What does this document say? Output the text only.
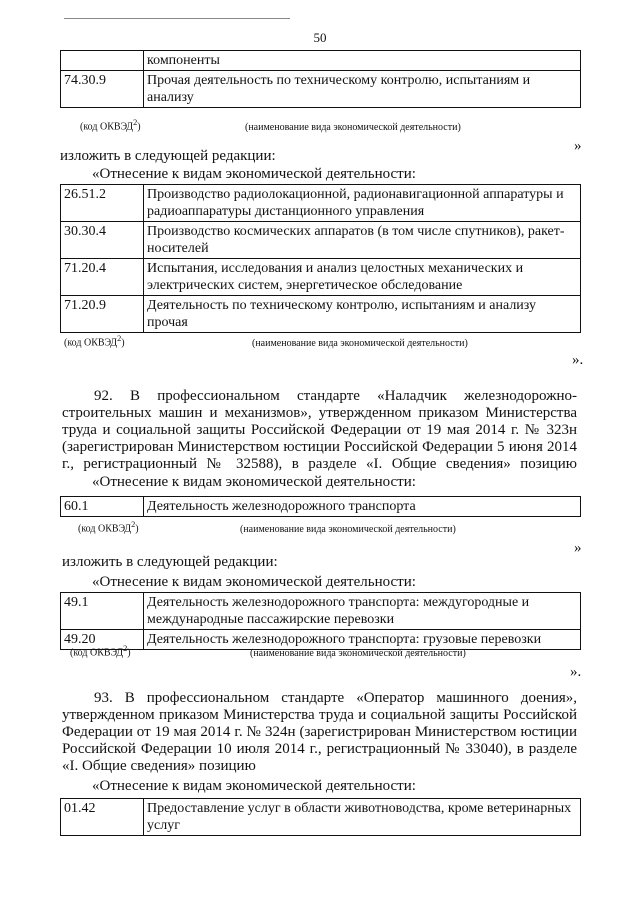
50
	компоненты
74.30.9	Прочая деятельность по техническому контролю, испытаниям и анализу
(код ОКВЭД$^2$)	(наименование вида экономической деятельности)
»
изложить в следующей редакции:
«Отнесение к видам экономической деятельности:
26.51.2	Производство радиолокационной, радионавигационной аппаратуры и радиоаппаратуры дистанционного управления
30.30.4	Производство космических аппаратов (в том числе спутников), ракет-носителей
71.20.4	Испытания, исследования и анализ целостных механических и электрических систем, энергетическое обследование
71.20.9	Деятельность по техническому контролю, испытаниям и анализу прочая
(код ОКВЭД$^2$)	(наименование вида экономической деятельности)
».
92. В профессиональном стандарте «Наладчик железнодорожно-строительных машин и механизмов», утвержденном приказом Министерства труда и социальной защиты Российской Федерации от 19 мая 2014 г. № 323н (зарегистрирован Министерством юстиции Российской Федерации 5 июня 2014 г., регистрационный № 32588), в разделе «I. Общие сведения» позицию
«Отнесение к видам экономической деятельности:
60.1	Деятельность железнодорожного транспорта
(код ОКВЭД$^2$)	(наименование вида экономической деятельности)
»
изложить в следующей редакции:
«Отнесение к видам экономической деятельности:
49.1	Деятельность железнодорожного транспорта: междугородные и международные пассажирские перевозки
49.20	Деятельность железнодорожного транспорта: грузовые перевозки
(код ОКВЭД$^2$)	(наименование вида экономической деятельности)
».
93. В профессиональном стандарте «Оператор машинного доения», утвержденном приказом Министерства труда и социальной защиты Российской Федерации от 19 мая 2014 г. № 324н (зарегистрирован Министерством юстиции Российской Федерации 10 июля 2014 г., регистрационный № 33040), в разделе «I. Общие сведения» позицию
«Отнесение к видам экономической деятельности:
01.42	Предоставление услуг в области животноводства, кроме ветеринарных услуг
